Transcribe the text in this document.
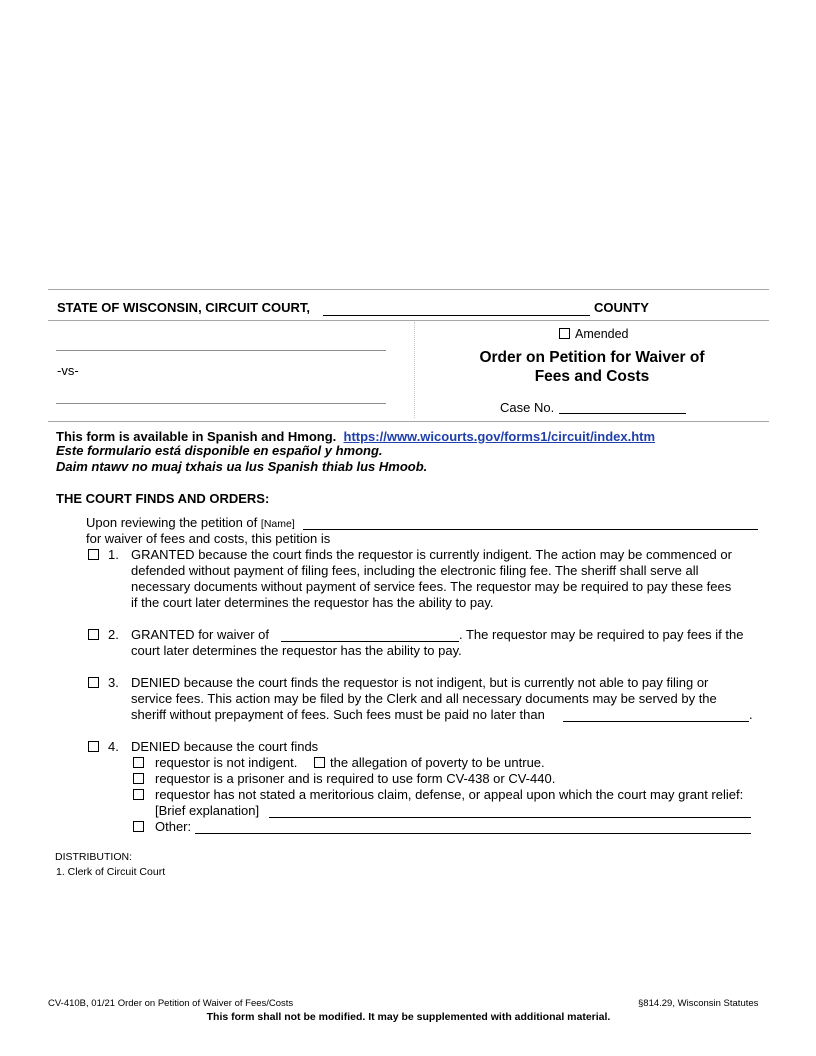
STATE OF WISCONSIN, CIRCUIT COURT,	COUNTY
Amended
-vs-
Order on Petition for Waiver of
Fees and Costs
Case No.
This form is available in Spanish and Hmong. https://www.wicourts.gov/forms1/circuit/index.htm
Este formulario está disponible en español y hmong.
Daim ntawv no muaj txhais ua lus Spanish thiab lus Hmoob.
THE COURT FINDS AND ORDERS:
Upon reviewing the petition of [Name]
for waiver of fees and costs, this petition is
1. GRANTED because the court finds the requestor is currently indigent. The action may be commenced or
defended without payment of filing fees, including the electronic filing fee. The sheriff shall serve all
necessary documents without payment of service fees. The requestor may be required to pay these fees
if the court later determines the requestor has the ability to pay.
2. GRANTED for waiver of	. The requestor may be required to pay fees if the
court later determines the requestor has the ability to pay.
3. DENIED because the court finds the requestor is not indigent, but is currently not able to pay filing or
service fees. This action may be filed by the Clerk and all necessary documents may be served by the
sheriff without prepayment of fees. Such fees must be paid no later than	.
4. DENIED because the court finds
requestor is not indigent.	the allegation of poverty to be untrue.
requestor is a prisoner and is required to use form CV-438 or CV-440.
requestor has not stated a meritorious claim, defense, or appeal upon which the court may grant relief:
[Brief explanation]
Other:
DISTRIBUTION:
1. Clerk of Circuit Court
CV-410B, 01/21 Order on Petition of Waiver of Fees/Costs	§814.29, Wisconsin Statutes
This form shall not be modified. It may be supplemented with additional material.
